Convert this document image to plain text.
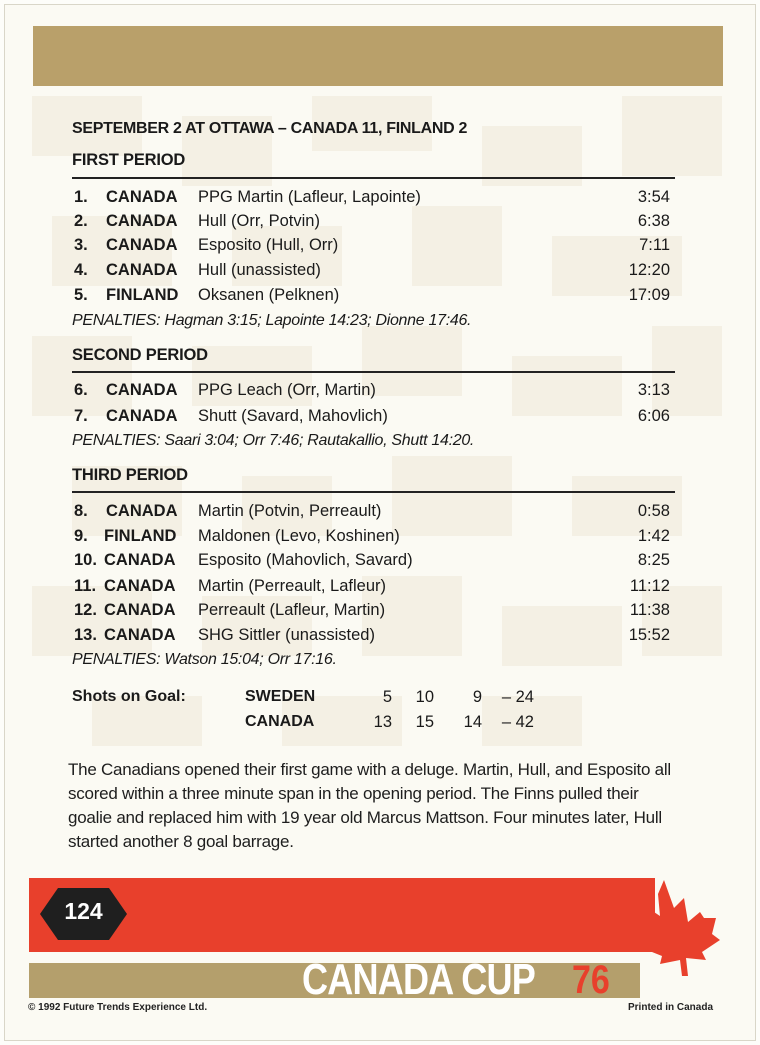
SEPTEMBER 2 AT OTTAWA – CANADA 11, FINLAND 2
FIRST PERIOD
1. CANADA PPG Martin (Lafleur, Lapointe)	3:54
2. CANADA Hull (Orr, Potvin)	6:38
3. CANADA Esposito (Hull, Orr)	7:11
4. CANADA Hull (unassisted)	12:20
5. FINLAND Oksanen (Pelknen)	17:09
PENALTIES: Hagman 3:15; Lapointe 14:23; Dionne 17:46.
SECOND PERIOD
6. CANADA PPG Leach (Orr, Martin)	3:13
7. CANADA Shutt (Savard, Mahovlich)	6:06
PENALTIES: Saari 3:04; Orr 7:46; Rautakallio, Shutt 14:20.
THIRD PERIOD
8. CANADA Martin (Potvin, Perreault)	0:58
9. FINLAND Maldonen (Levo, Koshinen)	1:42
10. CANADA Esposito (Mahovlich, Savard)	8:25
11. CANADA Martin (Perreault, Lafleur)	11:12
12. CANADA Perreault (Lafleur, Martin)	11:38
13. CANADA SHG Sittler (unassisted)	15:52
PENALTIES: Watson 15:04; Orr 17:16.
Shots on Goal:	SWEDEN	5	10	9	– 24
CANADA	13	15	14	– 42
The Canadians opened their first game with a deluge. Martin, Hull, and Esposito all scored within a three minute span in the opening period. The Finns pulled their goalie and replaced him with 19 year old Marcus Mattson. Four minutes later, Hull started another 8 goal barrage.
124
CANADA CUP 76
© 1992 Future Trends Experience Ltd.	Printed in Canada
